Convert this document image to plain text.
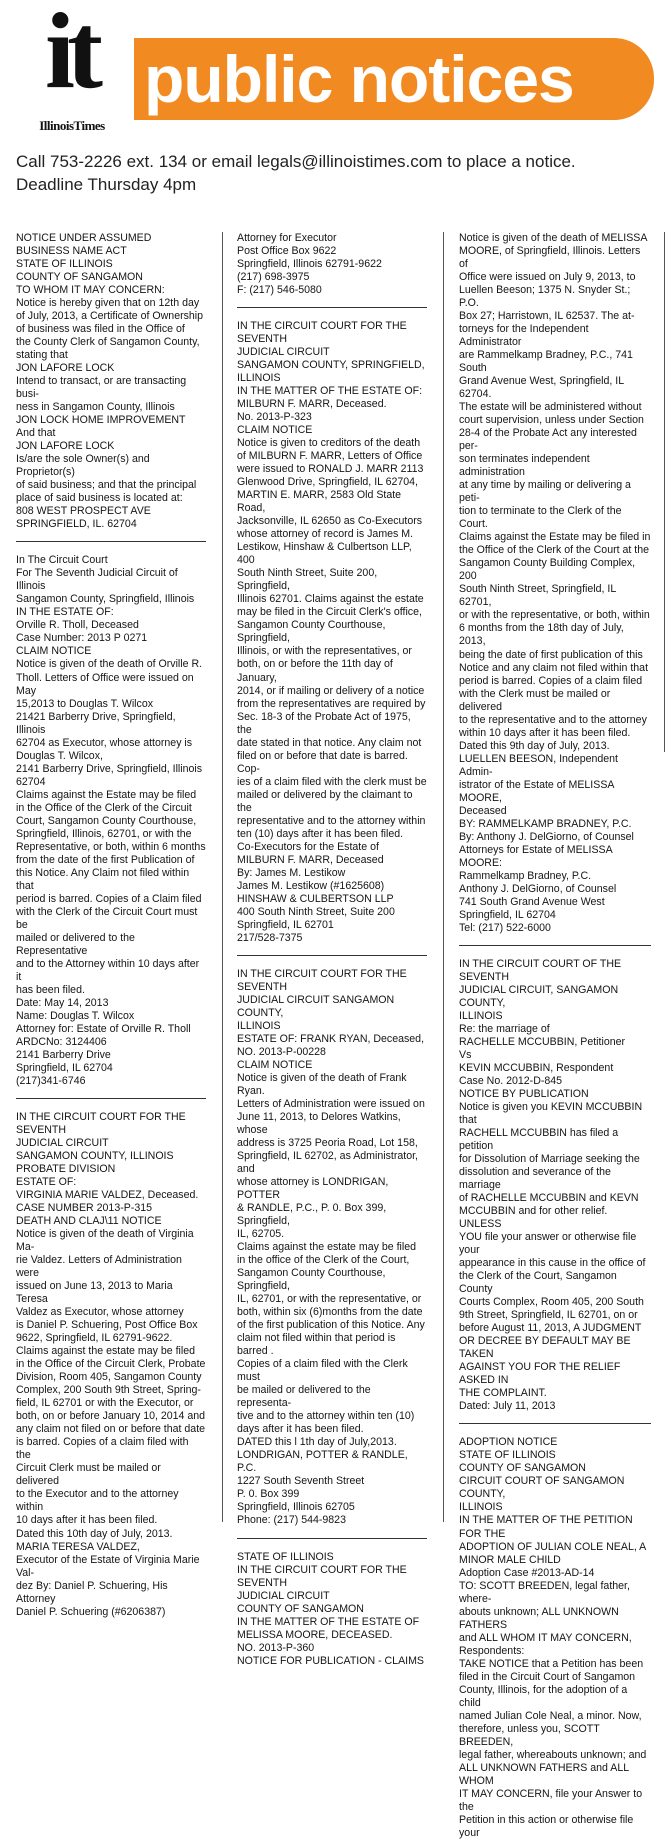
it
IllinoisTimes
public notices
Call 753-2226 ext. 134 or email legals@illinoistimes.com to place a notice.
Deadline Thursday 4pm
NOTICE UNDER ASSUMED
BUSINESS NAME ACT
STATE OF ILLINOIS
COUNTY OF SANGAMON
TO WHOM IT MAY CONCERN:
Notice is hereby given that on 12th day
of July, 2013, a Certificate of Ownership
of business was filed in the Office of
the County Clerk of Sangamon County,
stating that
JON LAFORE LOCK
Intend to transact, or are transacting busi-
ness in Sangamon County, Illinois
JON LOCK HOME IMPROVEMENT
And that
JON LAFORE LOCK
Is/are the sole Owner(s) and Proprietor(s)
of said business; and that the principal
place of said business is located at:
808 WEST PROSPECT AVE
SPRINGFIELD, IL. 62704
In The Circuit Court
For The Seventh Judicial Circuit of Illinois
Sangamon County, Springfield, Illinois
IN THE ESTATE OF:
Orville R. Tholl, Deceased
Case Number: 2013 P 0271
CLAIM NOTICE
Notice is given of the death of Orville R.
Tholl. Letters of Office were issued on May
15,2013 to Douglas T. Wilcox
21421 Barberry Drive, Springfield, Illinois
62704 as Executor, whose attorney is
Douglas T. Wilcox,
2141 Barberry Drive, Springfield, Illinois
62704
Claims against the Estate may be filed
in the Office of the Clerk of the Circuit
Court, Sangamon County Courthouse,
Springfield, Illinois, 62701, or with the
Representative, or both, within 6 months
from the date of the first Publication of
this Notice. Any Claim not filed within that
period is barred. Copies of a Claim filed
with the Clerk of the Circuit Court must be
mailed or delivered to the Representative
and to the Attorney within 10 days after it
has been filed.
Date: May 14, 2013
Name: Douglas T. Wilcox
Attorney for: Estate of Orville R. Tholl
ARDCNo: 3124406
2141 Barberry Drive
Springfield, IL 62704
(217)341-6746
IN THE CIRCUIT COURT FOR THE SEVENTH
JUDICIAL CIRCUIT
SANGAMON COUNTY, ILLINOIS
PROBATE DIVISION
ESTATE OF:
VIRGINIA MARIE VALDEZ, Deceased.
CASE NUMBER 2013-P-315
DEATH AND CLAJ\11 NOTICE
Notice is given of the death of Virginia Ma-
rie Valdez. Letters of Administration were
issued on June 13, 2013 to Maria Teresa
Valdez as Executor, whose attorney
is Daniel P. Schuering, Post Office Box
9622, Springfield, IL 62791-9622.
Claims against the estate may be filed
in the Office of the Circuit Clerk, Probate
Division, Room 405, Sangamon County
Complex, 200 South 9th Street, Spring-
field, IL 62701 or with the Executor, or
both, on or before January 10, 2014 and
any claim not filed on or before that date
is barred. Copies of a claim filed with the
Circuit Clerk must be mailed or delivered
to the Executor and to the attorney within
10 days after it has been filed.
Dated this 10th day of July, 2013.
MARIA TERESA VALDEZ,
Executor of the Estate of Virginia Marie Val-
dez By: Daniel P. Schuering, His Attorney
Daniel P. Schuering (#6206387)
Attorney for Executor
Post Office Box 9622
Springfield, Illinois 62791-9622
(217) 698-3975
F: (217) 546-5080
IN THE CIRCUIT COURT FOR THE SEVENTH
JUDICIAL CIRCUIT
SANGAMON COUNTY, SPRINGFIELD,
ILLINOIS
IN THE MATTER OF THE ESTATE OF:
MILBURN F. MARR, Deceased.
No. 2013-P-323
CLAIM NOTICE
Notice is given to creditors of the death
of MILBURN F. MARR, Letters of Office
were issued to RONALD J. MARR 2113
Glenwood Drive, Springfield, IL 62704,
MARTIN E. MARR, 2583 Old State Road,
Jacksonville, IL 62650 as Co-Executors
whose attorney of record is James M.
Lestikow, Hinshaw & Culbertson LLP, 400
South Ninth Street, Suite 200, Springfield,
Illinois 62701. Claims against the estate
may be filed in the Circuit Clerk's office,
Sangamon County Courthouse, Springfield,
Illinois, or with the representatives, or
both, on or before the 11th day of January,
2014, or if mailing or delivery of a notice
from the representatives are required by
Sec. 18-3 of the Probate Act of 1975, the
date stated in that notice. Any claim not
filed on or before that date is barred. Cop-
ies of a claim filed with the clerk must be
mailed or delivered by the claimant to the
representative and to the attorney within
ten (10) days after it has been filed.
Co-Executors for the Estate of
MILBURN F. MARR, Deceased
By: James M. Lestikow
James M. Lestikow (#1625608)
HINSHAW & CULBERTSON LLP
400 South Ninth Street, Suite 200
Springfield, IL 62701
217/528-7375
IN THE CIRCUIT COURT FOR THE SEVENTH
JUDICIAL CIRCUIT SANGAMON COUNTY,
ILLINOIS
ESTATE OF: FRANK RYAN, Deceased,
NO. 2013-P-00228
CLAIM NOTICE
Notice is given of the death of Frank Ryan.
Letters of Administration were issued on
June 11, 2013, to Delores Watkins, whose
address is 3725 Peoria Road, Lot 158,
Springfield, IL 62702, as Administrator, and
whose attorney is LONDRIGAN, POTTER
& RANDLE, P.C., P. 0. Box 399, Springfield,
IL, 62705.
Claims against the estate may be filed
in the office of the Clerk of the Court,
Sangamon County Courthouse, Springfield,
IL, 62701, or with the representative, or
both, within six (6)months from the date
of the first publication of this Notice. Any
claim not filed within that period is barred .
Copies of a claim filed with the Clerk must
be mailed or delivered to the representa-
tive and to the attorney within ten (10)
days after it has been filed.
DATED this l 1th day of July,2013.
LONDRIGAN, POTTER & RANDLE, P.C.
1227 South Seventh Street
P. 0. Box 399
Springfield, Illinois 62705
Phone: (217) 544-9823
STATE OF ILLINOIS
IN THE CIRCUIT COURT FOR THE SEVENTH
JUDICIAL CIRCUIT
COUNTY OF SANGAMON
IN THE MATTER OF THE ESTATE OF
MELISSA MOORE, DECEASED.
NO. 2013-P-360
NOTICE FOR PUBLICATION - CLAIMS
Notice is given of the death of MELISSA
MOORE, of Springfield, Illinois. Letters of
Office were issued on July 9, 2013, to
Luellen Beeson; 1375 N. Snyder St.; P.O.
Box 27; Harristown, IL 62537. The at-
torneys for the Independent Administrator
are Rammelkamp Bradney, P.C., 741 South
Grand Avenue West, Springfield, IL 62704.
The estate will be administered without
court supervision, unless under Section
28-4 of the Probate Act any interested per-
son terminates independent administration
at any time by mailing or delivering a peti-
tion to terminate to the Clerk of the Court.
Claims against the Estate may be filed in
the Office of the Clerk of the Court at the
Sangamon County Building Complex, 200
South Ninth Street, Springfield, IL 62701,
or with the representative, or both, within
6 months from the 18th day of July, 2013,
being the date of first publication of this
Notice and any claim not filed within that
period is barred. Copies of a claim filed
with the Clerk must be mailed or delivered
to the representative and to the attorney
within 10 days after it has been filed.
Dated this 9th day of July, 2013.
LUELLEN BEESON, Independent Admin-
istrator of the Estate of MELISSA MOORE,
Deceased
BY: RAMMELKAMP BRADNEY, P.C.
By: Anthony J. DelGiorno, of Counsel
Attorneys for Estate of MELISSA MOORE:
Rammelkamp Bradney, P.C.
Anthony J. DelGiorno, of Counsel
741 South Grand Avenue West
Springfield, IL 62704
Tel: (217) 522-6000
IN THE CIRCUIT COURT OF THE SEVENTH
JUDICIAL CIRCUIT, SANGAMON COUNTY,
ILLINOIS
Re: the marriage of
RACHELLE MCCUBBIN, Petitioner
Vs
KEVIN MCCUBBIN, Respondent
Case No. 2012-D-845
NOTICE BY PUBLICATION
Notice is given you KEVIN MCCUBBIN that
RACHELL MCCUBBIN has filed a petition
for Dissolution of Marriage seeking the
dissolution and severance of the marriage
of RACHELLE MCCUBBIN and KEVN
MCCUBBIN and for other relief. UNLESS
YOU file your answer or otherwise file your
appearance in this cause in the office of
the Clerk of the Court, Sangamon County
Courts Complex, Room 405, 200 South
9th Street, Springfield, IL 62701, on or
before August 11, 2013, A JUDGMENT
OR DECREE BY DEFAULT MAY BE TAKEN
AGAINST YOU FOR THE RELIEF ASKED IN
THE COMPLAINT.
Dated: July 11, 2013
ADOPTION NOTICE
STATE OF ILLINOIS
COUNTY OF SANGAMON
CIRCUIT COURT OF SANGAMON COUNTY,
ILLINOIS
IN THE MATTER OF THE PETITION FOR THE
ADOPTION OF JULIAN COLE NEAL, A
MINOR MALE CHILD
Adoption Case #2013-AD-14
TO: SCOTT BREEDEN, legal father, where-
abouts unknown; ALL UNKNOWN FATHERS
and ALL WHOM IT MAY CONCERN,
Respondents:
TAKE NOTICE that a Petition has been
filed in the Circuit Court of Sangamon
County, Illinois, for the adoption of a child
named Julian Cole Neal, a minor. Now,
therefore, unless you, SCOTT BREEDEN,
legal father, whereabouts unknown; and
ALL UNKNOWN FATHERS and ALL WHOM
IT MAY CONCERN, file your Answer to the
Petition in this action or otherwise file your
